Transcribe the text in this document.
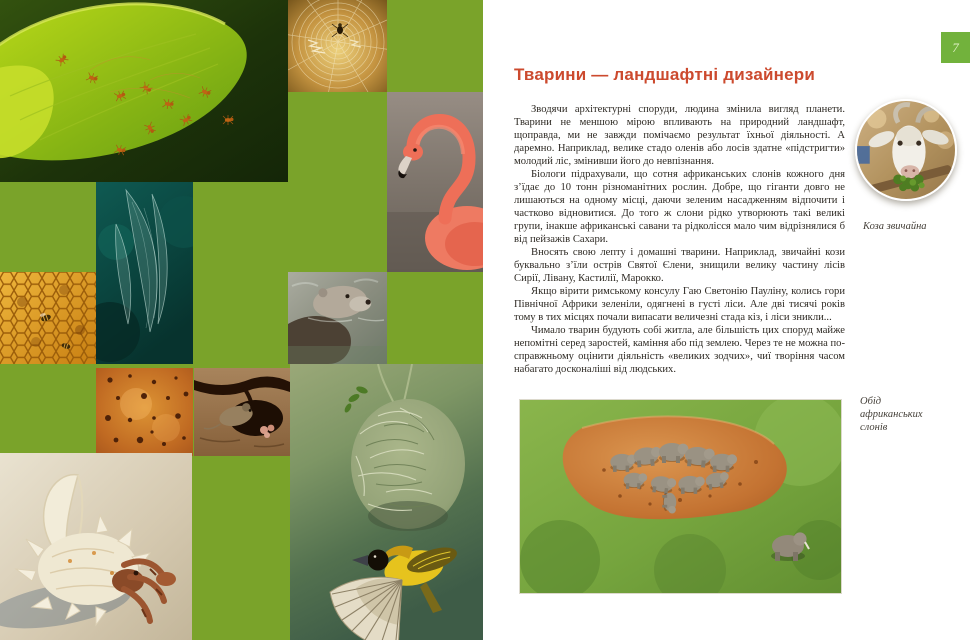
7
Тварини — ландшафтні дизайнери

Зводячи архітектурні споруди, людина змінила вигляд планети. Тварини не меншою мірою впливають на природний ландшафт, щоправда, ми не завжди помічаємо результат їхньої діяльності. А даремно. Наприклад, велике стадо оленів або лосів здатне «підстригти» молодий ліс, змінивши його до невпізнання.

Біологи підрахували, що сотня африканських слонів кожного дня з’їдає до 10 тонн різноманітних рослин. Добре, що гіганти довго не лишаються на одному місці, даючи зеленим насадженням відпочити і частково відновитися. До того ж слони рідко утворюють такі великі групи, інакше африканські савани та рідколісся мало чим відрізнялися б від пейзажів Сахари.

Вносять свою лепту і домашні тварини. Наприклад, звичайні кози буквально з’їли острів Святої Єлени, знищили велику частину лісів Сирії, Лівану, Кастилії, Марокко.

Якщо вірити римському консулу Гаю Светонію Пауліну, колись гори Північної Африки зеленіли, одягнені в густі ліси. Але дві тисячі років тому в тих місцях почали випасати величезні стада кіз, і ліси зникли...

Чимало тварин будують собі житла, але більшість цих споруд майже непомітні серед заростей, каміння або під землею. Через те не можна по-справжньому оцінити діяльність «великих зодчих», чиї творіння часом набагато досконаліші від людських.

Коза звичайна
Обід африканських слонів
